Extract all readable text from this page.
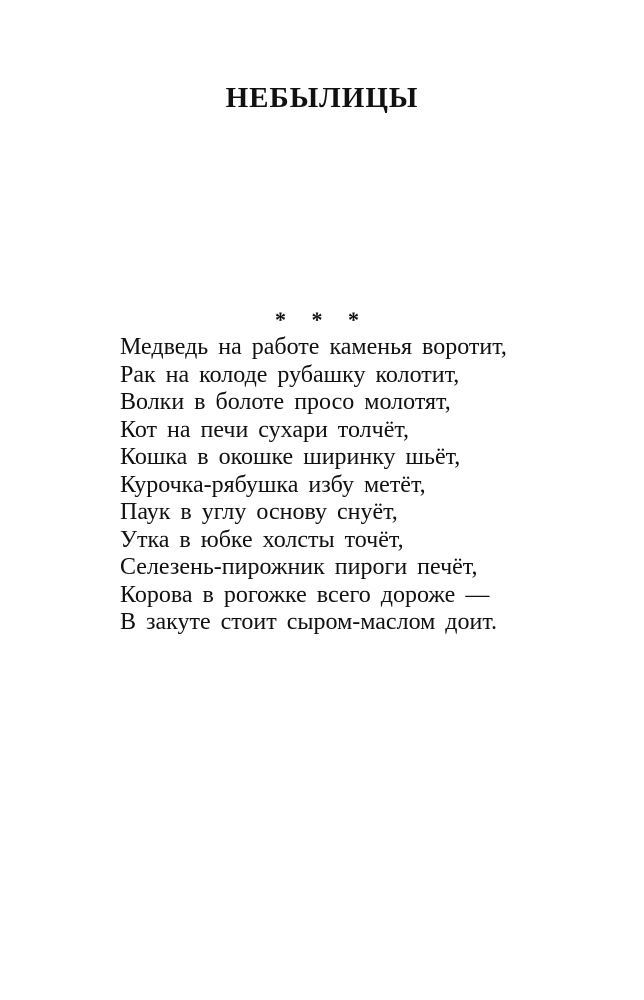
НЕБЫЛИЦЫ
* * *
Медведь на работе каменья воротит,
Рак на колоде рубашку колотит,
Волки в болоте просо молотят,
Кот на печи сухари толчёт,
Кошка в окошке ширинку шьёт,
Курочка-рябушка избу метёт,
Паук в углу основу снуёт,
Утка в юбке холсты точёт,
Селезень-пирожник пироги печёт,
Корова в рогожке всего дороже —
В закуте стоит сыром-маслом доит.
